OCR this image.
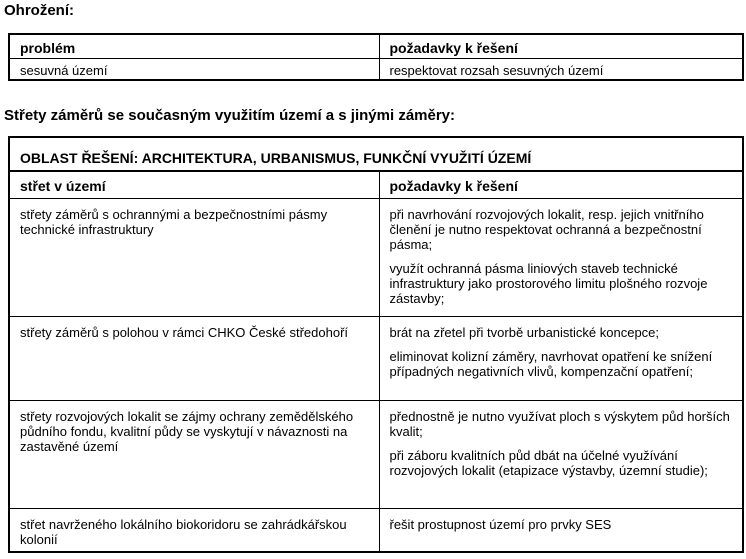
Ohrožení:
problém	požadavky k řešení
sesuvná území	respektovat rozsah sesuvných území
Střety záměrů se současným využitím území a s jinými záměry:
OBLAST ŘEŠENÍ: ARCHITEKTURA, URBANISMUS, FUNKČNÍ VYUŽITÍ ÚZEMÍ	
střet v území	požadavky k řešení

střety záměrů s ochrannými a bezpečnostními pásmy technické infrastruktury	při navrhování rozvojových lokalit, resp. jejich vnitřního členění je nutno respektovat ochranná a bezpečnostní pásma;

využít ochranná pásma liniových staveb technické infrastruktury jako prostorového limitu plošného rozvoje zástavby;

střety záměrů s polohou v rámci CHKO České středohoří	brát na zřetel při tvorbě urbanistické koncepce;

eliminovat kolizní záměry, navrhovat opatření ke snížení případných negativních vlivů, kompenzační opatření;

střety rozvojových lokalit se zájmy ochrany zemědělského půdního fondu, kvalitní půdy se vyskytují v návaznosti na zastavěné území	přednostně je nutno využívat ploch s výskytem půd horších kvalit;

při záboru kvalitních půd dbát na účelné využívání rozvojových lokalit (etapizace výstavby, územní studie);

střet navrženého lokálního biokoridoru se zahrádkářskou kolonií	řešit prostupnost území pro prvky SES
